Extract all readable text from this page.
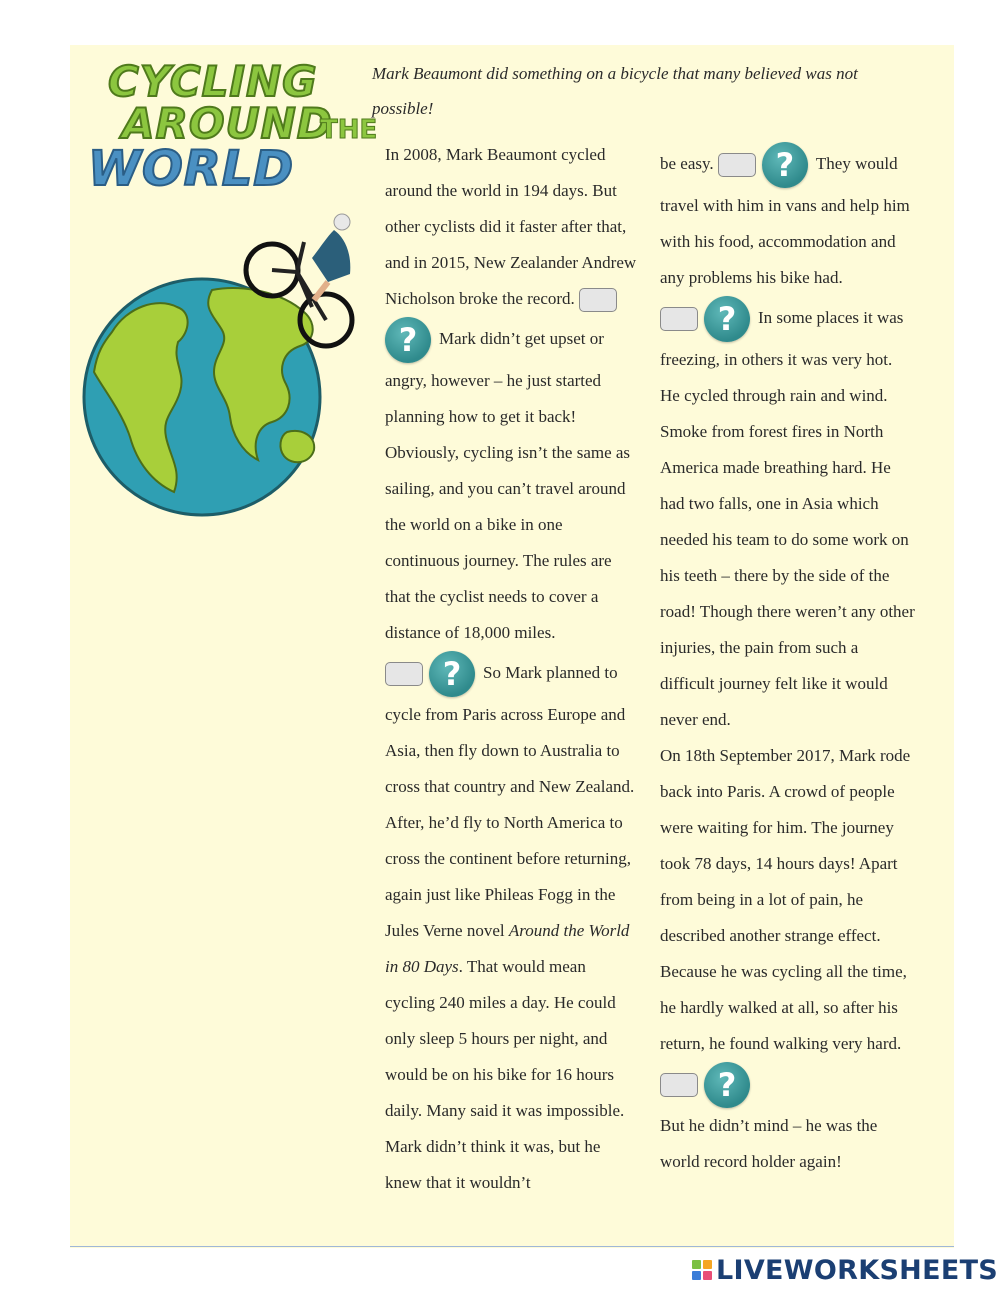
CYCLING
AROUND
THE
WORLD
Mark Beaumont did something on a bicycle that many believed was not possible!

In 2008, Mark Beaumont cycled around the world in 194 days. But other cyclists did it faster after that, and in 2015, New Zealander Andrew Nicholson broke the record. ? Mark didn’t get upset or angry, however – he just started planning how to get it back! Obviously, cycling isn’t the same as sailing, and you can’t travel around the world on a bike in one continuous journey. The rules are that the cyclist needs to cover a distance of 18,000 miles.

? So Mark planned to cycle from Paris across Europe and Asia, then fly down to Australia to cross that country and New Zealand. After, he’d fly to North America to cross the continent before returning, again just like Phileas Fogg in the Jules Verne novel Around the World in 80 Days. That would mean cycling 240 miles a day. He could only sleep 5 hours per night, and would be on his bike for 16 hours daily. Many said it was impossible. Mark didn’t think it was, but he knew that it wouldn’t

be easy. ? They would travel with him in vans and help him with his food, accommodation and any problems his bike had.

? In some places it was freezing, in others it was very hot. He cycled through rain and wind. Smoke from forest fires in North America made breathing hard. He had two falls, one in Asia which needed his team to do some work on his teeth – there by the side of the road! Though there weren’t any other injuries, the pain from such a difficult journey felt like it would never end.

On 18th September 2017, Mark rode back into Paris. A crowd of people were waiting for him. The journey took 78 days, 14 hours days! Apart from being in a lot of pain, he described another strange effect. Because he was cycling all the time, he hardly walked at all, so after his return, he found walking very hard. ?

But he didn’t mind – he was the world record holder again!

LIVEWORKSHEETS
